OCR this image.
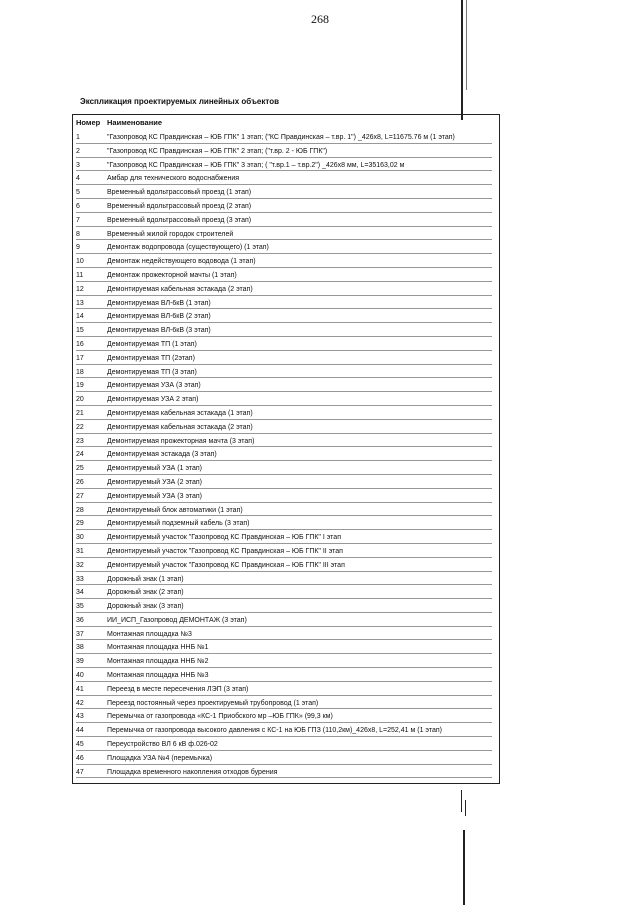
268
Экспликация проектируемых линейных объектов
Номер Наименование
1	"Газопровод КС Правдинская – ЮБ ГПК" 1 этап; ("КС Правдинская – т.вр. 1") _426x8, L=11675.76 м (1 этап)
2	"Газопровод КС Правдинская – ЮБ ГПК" 2 этап; ("т.вр. 2 - ЮБ ГПК")
3	"Газопровод КС Правдинская – ЮБ ГПК" 3 этап; ( "т.вр.1 – т.вр.2") _426x8 мм, L=35163,02 м
4	Амбар для технического водоснабжения
5	Временный вдольтрассовый проезд (1 этап)
6	Временный вдольтрассовый проезд (2 этап)
7	Временный вдольтрассовый проезд (3 этап)
8	Временный жилой городок строителей
9	Демонтаж водопровода (существующего) (1 этап)
10	Демонтаж недействующего водовода (1 этап)
11	Демонтаж прожекторной мачты (1 этап)
12	Демонтируемая кабельная эстакада (2 этап)
13	Демонтируемая ВЛ-6кВ (1 этап)
14	Демонтируемая ВЛ-6кВ (2 этап)
15	Демонтируемая ВЛ-6кВ (3 этап)
16	Демонтируемая ТП (1 этап)
17	Демонтируемая ТП (2этап)
18	Демонтируемая ТП (3 этап)
19	Демонтируемая УЗА (3 этап)
20	Демонтируемая УЗА 2 этап)
21	Демонтируемая кабельная эстакада (1 этап)
22	Демонтируемая кабельная эстакада (2 этап)
23	Демонтируемая прожекторная мачта (3 этап)
24	Демонтируемая эстакада (3 этап)
25	Демонтируемый УЗА (1 этап)
26	Демонтируемый УЗА (2 этап)
27	Демонтируемый УЗА (3 этап)
28	Демонтируемый блок автоматики (1 этап)
29	Демонтируемый подземный кабель (3 этап)
30	Демонтируемый участок "Газопровод КС Правдинская – ЮБ ГПК" I этап
31	Демонтируемый участок "Газопровод КС Правдинская – ЮБ ГПК" II этап
32	Демонтируемый участок "Газопровод КС Правдинская – ЮБ ГПК" III этап
33	Дорожный знак (1 этап)
34	Дорожный знак (2 этап)
35	Дорожный знак (3 этап)
36	ИИ_ИСП_Газопровод ДЕМОНТАЖ (3 этап)
37	Монтажная площадка №3
38	Монтажная площадка ННБ №1
39	Монтажная площадка ННБ №2
40	Монтажная площадка ННБ №3
41	Переезд в месте пересечения ЛЭП (3 этап)
42	Переезд постоянный через проектируемый трубопровод (1 этап)
43	Перемычка от газопровода «КС-1 Приобского мр –ЮБ ГПК» (99,3 км)
44	Перемычка от газопровода высокого давления с КС-1 на ЮБ ГПЗ (110,2км)_426x8, L=252,41 м (1 этап)
45	Переустройство ВЛ 6 кВ ф.026-02
46	Площадка УЗА №4 (перемычка)
47	Площадка временного накопления отходов бурения
